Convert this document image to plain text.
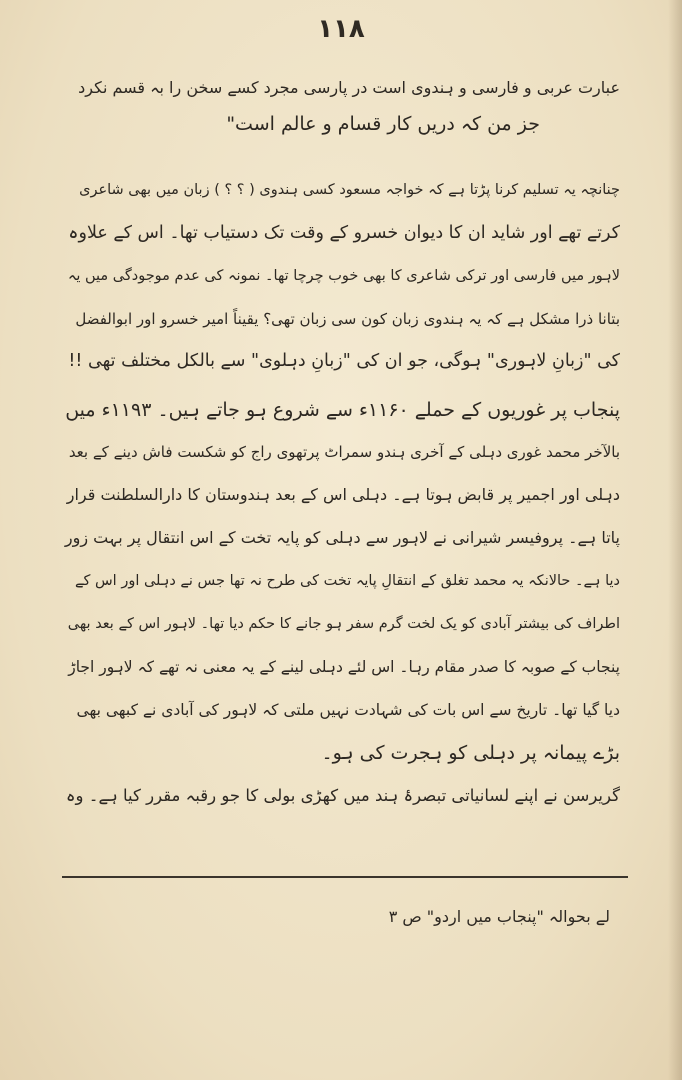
۱۱۸
عبارت عربی و فارسی و ہندوی است در پارسی مجرد کسے سخن را بہ قسم نکرد
جز من کہ دریں کار قسام و عالم است"
چنانچہ یہ تسلیم کرنا پڑتا ہے کہ خواجہ مسعود کسی ہندوی ( ؟ ؟ ) زبان میں بھی شاعری
کرتے تھے اور شاید ان کا دیوان خسرو کے وقت تک دستیاب تھا۔ اس کے علاوہ
لاہور میں فارسی اور ترکی شاعری کا بھی خوب چرچا تھا۔ نمونہ کی عدم موجودگی میں یہ
بتانا ذرا مشکل ہے کہ یہ ہندوی زبان کون سی زبان تھی؟ یقیناً امیر خسرو اور ابوالفضل
کی "زبانِ لاہوری" ہوگی، جو ان کی "زبانِ دہلوی" سے بالکل مختلف تھی !!
پنجاب پر غوریوں کے حملے ۱۱۶۰ء سے شروع ہو جاتے ہیں۔ ۱۱۹۳ء میں
بالآخر محمد غوری دہلی کے آخری ہندو سمراٹ پرتھوی راج کو شکست فاش دینے کے بعد
دہلی اور اجمیر پر قابض ہوتا ہے۔ دہلی اس کے بعد ہندوستان کا دارالسلطنت قرار
پاتا ہے۔ پروفیسر شیرانی نے لاہور سے دہلی کو پایہ تخت کے اس انتقال پر بہت زور
دیا ہے۔ حالانکہ یہ محمد تغلق کے انتقالِ پایہ تخت کی طرح نہ تھا جس نے دہلی اور اس کے
اطراف کی بیشتر آبادی کو یک لخت گرم سفر ہو جانے کا حکم دیا تھا۔ لاہور اس کے بعد بھی
پنجاب کے صوبہ کا صدر مقام رہا۔ اس لئے دہلی لینے کے یہ معنی نہ تھے کہ لاہور اجاڑ
دیا گیا تھا۔ تاریخ سے اس بات کی شہادت نہیں ملتی کہ لاہور کی آبادی نے کبھی بھی
بڑے پیمانہ پر دہلی کو ہجرت کی ہو۔
گریرسن نے اپنے لسانیاتی تبصرۂ ہند میں کھڑی بولی کا جو رقبہ مقرر کیا ہے۔ وہ
لے بحوالہ "پنجاب میں اردو" ص ۳
